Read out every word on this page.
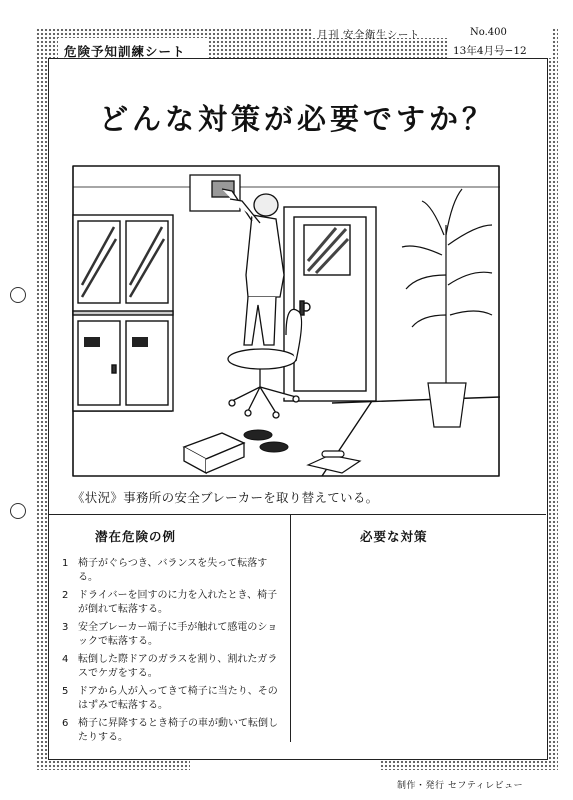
月刊 安全衛生シート	No.400
13年4月号−12
危険予知訓練シート
どんな対策が必要ですか？
《状況》事務所の安全ブレーカーを取り替えている。
潜在危険の例	必要な対策
1 椅子がぐらつき、バランスを失って転落する。
2 ドライバーを回すのに力を入れたとき、椅子が倒れて転落する。
3 安全ブレーカー端子に手が触れて感電のショックで転落する。
4 転倒した際ドアのガラスを割り、割れたガラスでケガをする。
5 ドアから人が入ってきて椅子に当たり、そのはずみで転落する。
6 椅子に昇降するとき椅子の車が動いて転倒したりする。
制作・発行 セフティレビュー
